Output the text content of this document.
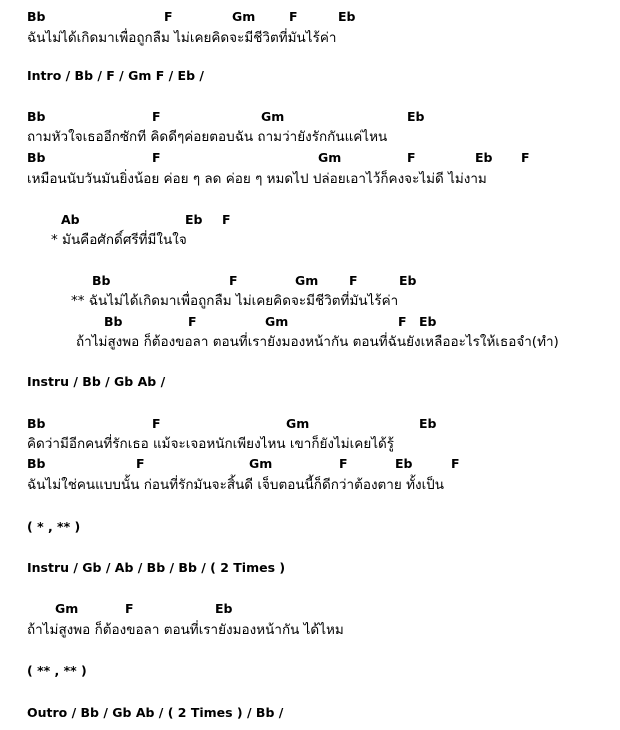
Bb	F	Gm	F	Eb
ฉันไม่ได้เกิดมาเพื่อถูกลืม ไม่เคยคิดจะมีชีวิตที่มันไร้ค่า
Intro / Bb / F / Gm F / Eb /
Bb	F	Gm	Eb
ถามหัวใจเธออีกซักที คิดดีๆค่อยตอบฉัน ถามว่ายังรักกันแค่ไหน
Bb	F	Gm	F	Eb F
เหมือนนับวันมันยิ่งน้อย ค่อย ๆ ลด ค่อย ๆ หมดไป ปล่อยเอาไว้ก็คงจะไม่ดี ไม่งาม
Ab	Eb F
* มันคือศักดิ์ศรีที่มีในใจ
Bb	F	Gm F	Eb
** ฉันไม่ได้เกิดมาเพื่อถูกลืม ไม่เคยคิดจะมีชีวิตที่มันไร้ค่า
Bb	F	Gm	F Eb
ถ้าไม่สูงพอ ก็ต้องขอลา ตอนที่เรายังมองหน้ากัน ตอนที่ฉันยังเหลืออะไรให้เธอจำ(ทำ)
Instru / Bb / Gb Ab /
Bb	F	Gm	Eb
คิดว่ามีอีกคนที่รักเธอ แม้จะเจอหนักเพียงไหน เขาก็ยังไม่เคยได้รู้
Bb	F	Gm	F	Eb	F
ฉันไม่ใช่คนแบบนั้น ก่อนที่รักมันจะสิ้นดี เจ็บตอนนี้ก็ดีกว่าต้องตาย ทั้งเป็น
( * , ** )
Instru / Gb / Ab / Bb / Bb / ( 2 Times )
Gm	F	Eb
ถ้าไม่สูงพอ ก็ต้องขอลา ตอนที่เรายังมองหน้ากัน ได้ไหม
( ** , ** )
Outro / Bb / Gb Ab / ( 2 Times ) / Bb /
